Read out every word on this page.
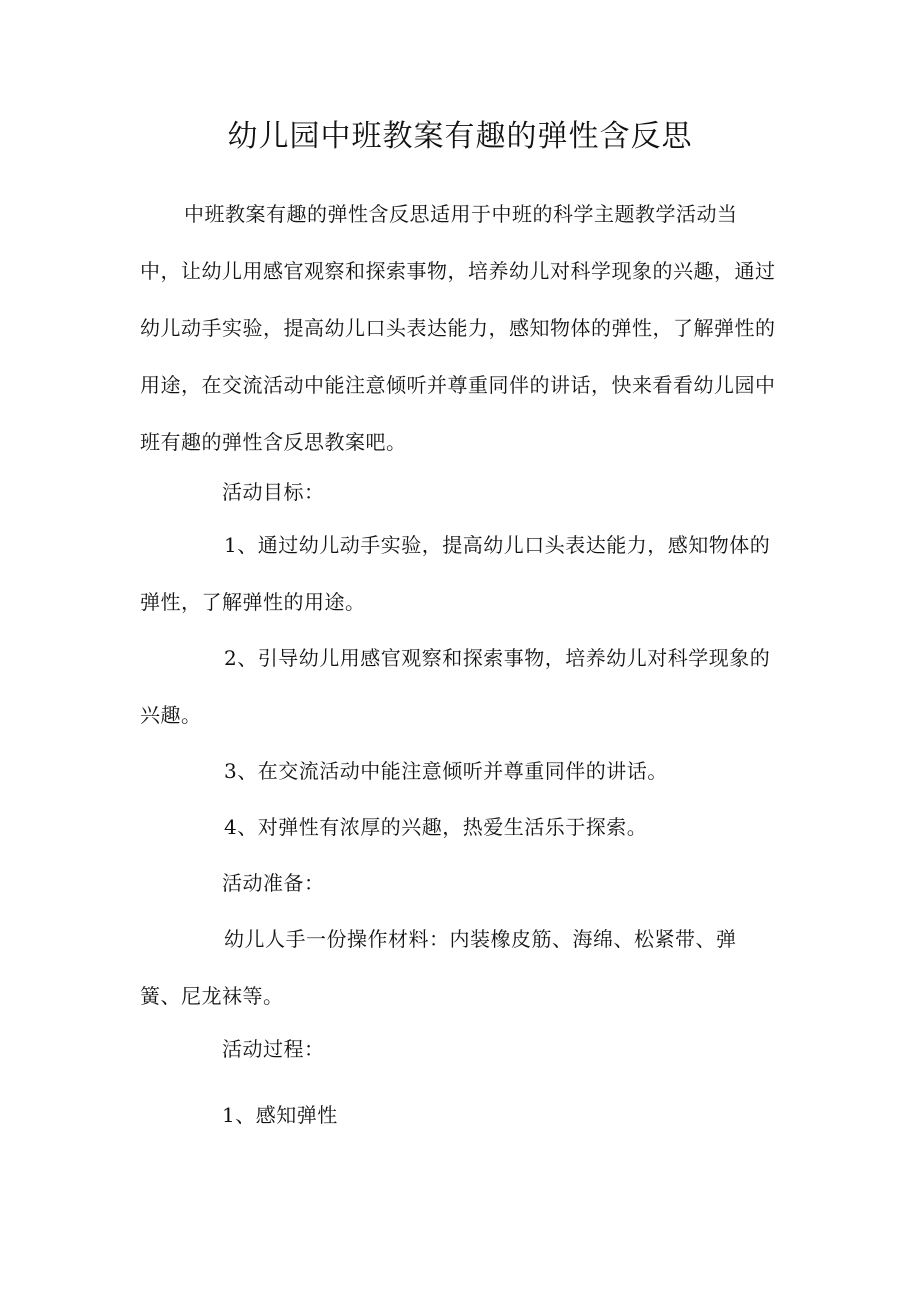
幼儿园中班教案有趣的弹性含反思

中班教案有趣的弹性含反思适用于中班的科学主题教学活动当中，让幼儿用感官观察和探索事物，培养幼儿对科学现象的兴趣，通过幼儿动手实验，提高幼儿口头表达能力，感知物体的弹性，了解弹性的用途，在交流活动中能注意倾听并尊重同伴的讲话，快来看看幼儿园中班有趣的弹性含反思教案吧。

活动目标：

1、通过幼儿动手实验，提高幼儿口头表达能力，感知物体的弹性，了解弹性的用途。

2、引导幼儿用感官观察和探索事物，培养幼儿对科学现象的兴趣。

3、在交流活动中能注意倾听并尊重同伴的讲话。

4、对弹性有浓厚的兴趣，热爱生活乐于探索。

活动准备：

幼儿人手一份操作材料：内装橡皮筋、海绵、松紧带、弹簧、尼龙袜等。

活动过程：

1、感知弹性
